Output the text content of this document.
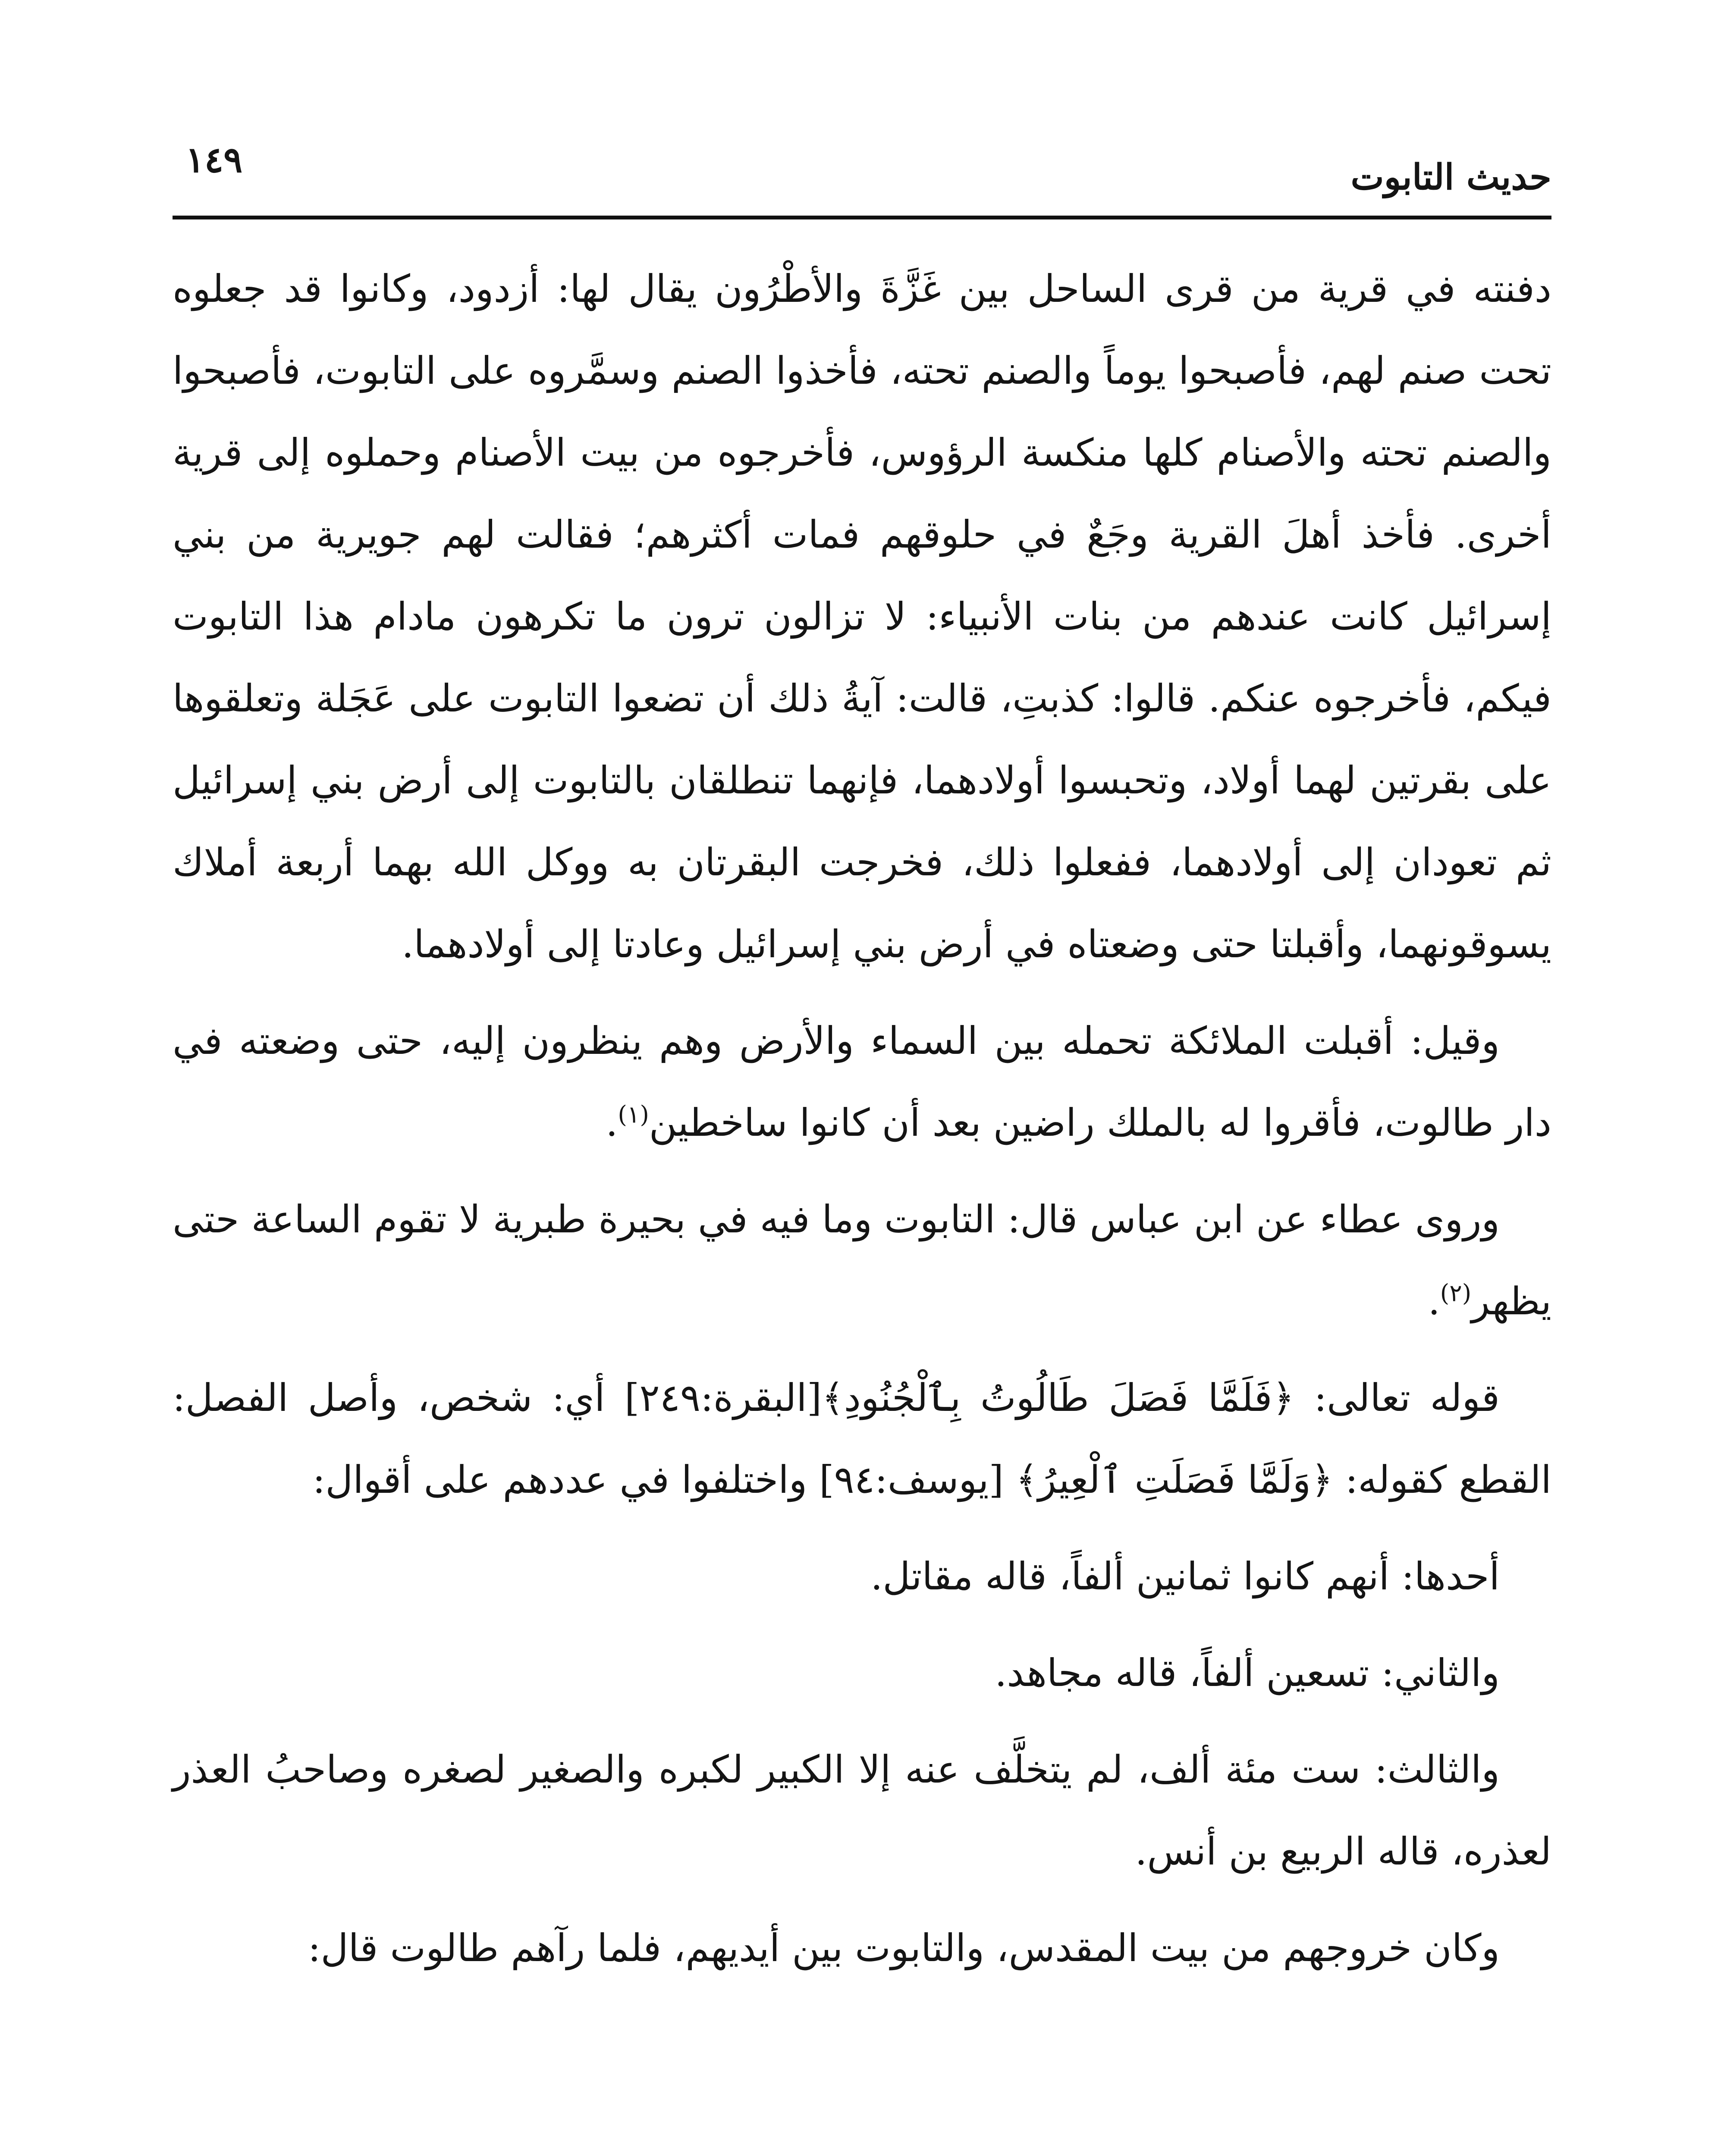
حديث التابوت
١٤٩

دفنته في قرية من قرى الساحل بين غَزَّةَ والأطْرُون يقال لها: أزدود، وكانوا قد جعلوه تحت صنم لهم، فأصبحوا يوماً والصنم تحته، فأخذوا الصنم وسمَّروه على التابوت، فأصبحوا والصنم تحته والأصنام كلها منكسة الرؤوس، فأخرجوه من بيت الأصنام وحملوه إلى قرية أخرى. فأخذ أهلَ القرية وجَعٌ في حلوقهم فمات أكثرهم؛ فقالت لهم جويرية من بني إسرائيل كانت عندهم من بنات الأنبياء: لا تزالون ترون ما تكرهون مادام هذا التابوت فيكم، فأخرجوه عنكم. قالوا: كذبتِ، قالت: آيةُ ذلك أن تضعوا التابوت على عَجَلة وتعلقوها على بقرتين لهما أولاد، وتحبسوا أولادهما، فإنهما تنطلقان بالتابوت إلى أرض بني إسرائيل ثم تعودان إلى أولادهما، ففعلوا ذلك، فخرجت البقرتان به ووكل الله بهما أربعة أملاك يسوقونهما، وأقبلتا حتى وضعتاه في أرض بني إسرائيل وعادتا إلى أولادهما.

وقيل: أقبلت الملائكة تحمله بين السماء والأرض وهم ينظرون إليه، حتى وضعته في دار طالوت، فأقروا له بالملك راضين بعد أن كانوا ساخطين$^{(١)}$.

وروى عطاء عن ابن عباس قال: التابوت وما فيه في بحيرة طبرية لا تقوم الساعة حتى يظهر$^{(٢)}$.

قوله تعالى: ﴿فَلَمَّا فَصَلَ طَالُوتُ بِٱلْجُنُودِ﴾[البقرة:٢٤٩] أي: شخص، وأصل الفصل: القطع كقوله: ﴿وَلَمَّا فَصَلَتِ ٱلْعِيرُ﴾ [يوسف:٩٤] واختلفوا في عددهم على أقوال:

أحدها: أنهم كانوا ثمانين ألفاً، قاله مقاتل.

والثاني: تسعين ألفاً، قاله مجاهد.

والثالث: ست مئة ألف، لم يتخلَّف عنه إلا الكبير لكبره والصغير لصغره وصاحبُ العذر لعذره، قاله الربيع بن أنس.

وكان خروجهم من بيت المقدس، والتابوت بين أيديهم، فلما رآهم طالوت قال:
